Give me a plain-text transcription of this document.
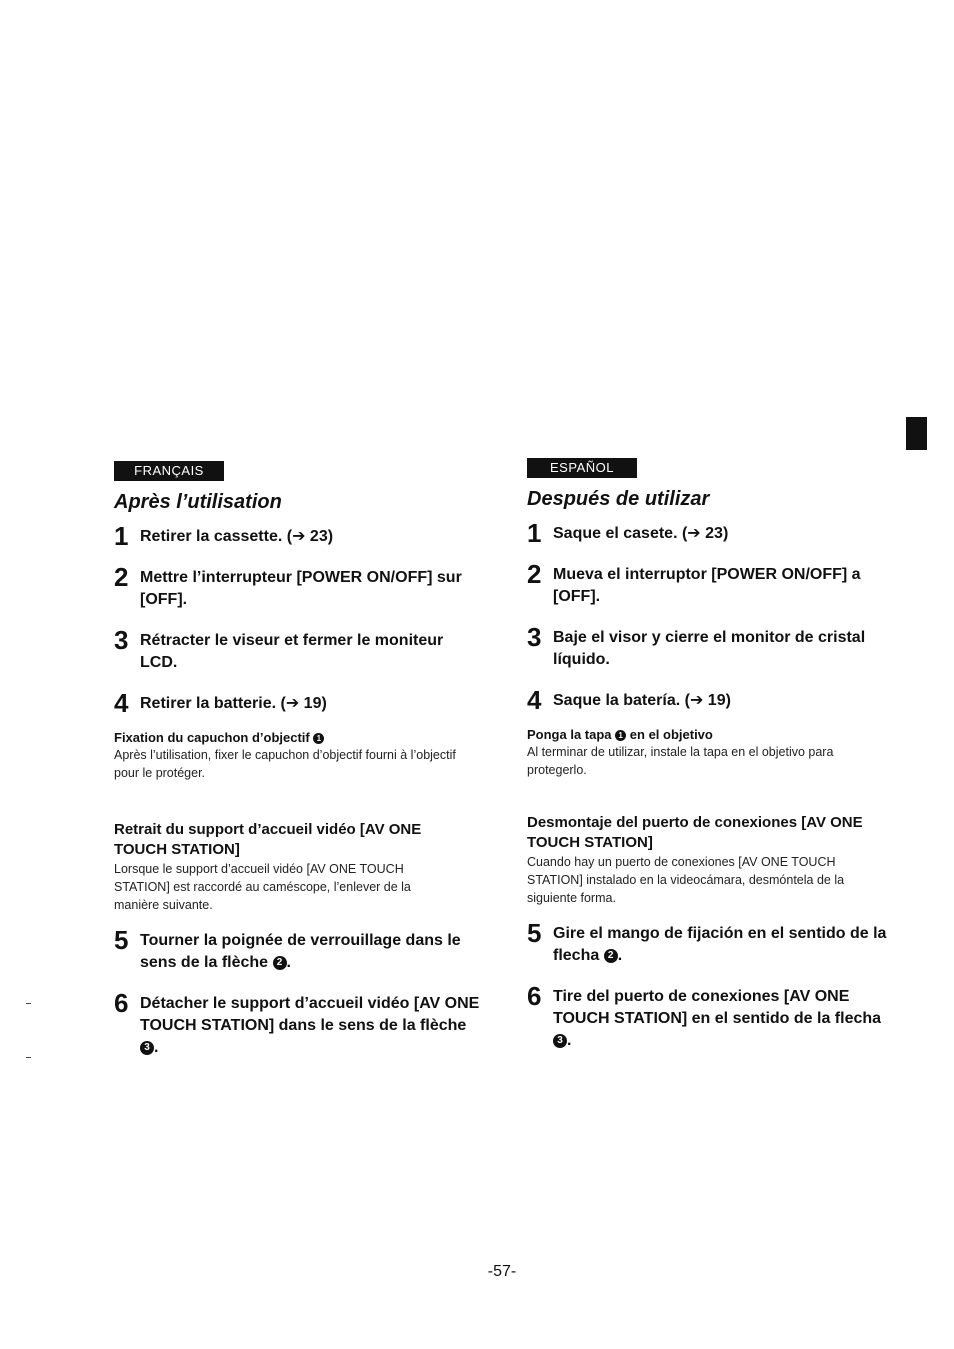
FRANÇAIS
Après l’utilisation
1 Retirer la cassette. (➔ 23)
2 Mettre l’interrupteur [POWER ON/OFF] sur [OFF].
3 Rétracter le viseur et fermer le moniteur LCD.
4 Retirer la batterie. (➔ 19)
Fixation du capuchon d’objectif 1
Après l’utilisation, fixer le capuchon d’objectif fourni à l’objectif pour le protéger.
Retrait du support d’accueil vidéo [AV ONE TOUCH STATION]
Lorsque le support d’accueil vidéo [AV ONE TOUCH STATION] est raccordé au caméscope, l’enlever de la manière suivante.
5 Tourner la poignée de verrouillage dans le sens de la flèche 2 .
6 Détacher le support d’accueil vidéo [AV ONE TOUCH STATION] dans le sens de la flèche 3 .
ESPAÑOL
Después de utilizar
1 Saque el casete. (➔ 23)
2 Mueva el interruptor [POWER ON/OFF] a [OFF].
3 Baje el visor y cierre el monitor de cristal líquido.
4 Saque la batería. (➔ 19)
Ponga la tapa 1 en el objetivo
Al terminar de utilizar, instale la tapa en el objetivo para protegerlo.
Desmontaje del puerto de conexiones [AV ONE TOUCH STATION]
Cuando hay un puerto de conexiones [AV ONE TOUCH STATION] instalado en la videocámara, desmóntela de la siguiente forma.
5 Gire el mango de fijación en el sentido de la flecha 2 .
6 Tire del puerto de conexiones [AV ONE TOUCH STATION] en el sentido de la flecha 3 .
-57-
